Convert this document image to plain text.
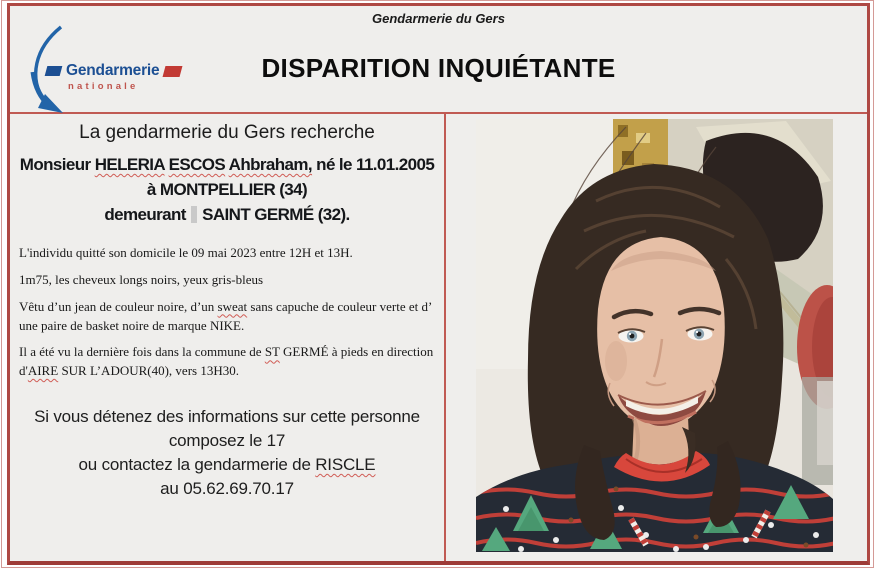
Gendarmerie du Gers
Gendarmerie
nationale
DISPARITION INQUIÉTANTE
La gendarmerie du Gers recherche
Monsieur HELERIA ESCOS Ahbraham, né le 11.01.2005
à MONTPELLIER (34)
demeurant  SAINT GERMÉ (32).

L'individu quitté son domicile le 09 mai 2023 entre 12H et 13H.

1m75, les cheveux longs noirs, yeux gris-bleus

Vêtu d’un jean de couleur noire, d’un sweat sans capuche de couleur verte et d’ une paire de basket noire de marque NIKE.

Il a été vu la dernière fois dans la commune de ST GERMÉ à pieds en direction d'AIRE SUR L’ADOUR(40), vers 13H30.

Si vous détenez des informations sur cette personne
composez le 17
ou contactez la gendarmerie de RISCLE
au 05.62.69.70.17
